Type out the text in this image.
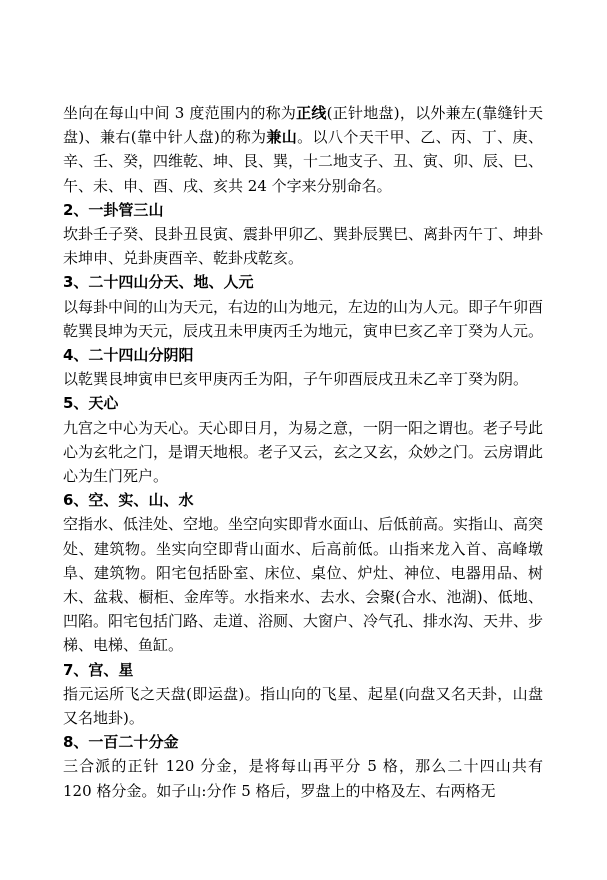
坐向在每山中间 3 度范围内的称为正线(正针地盘)，以外兼左(靠缝针天盘)、兼右(靠中针人盘)的称为兼山。以八个天干甲、乙、丙、丁、庚、辛、壬、癸，四维乾、坤、艮、巽，十二地支子、丑、寅、卯、辰、巳、午、未、申、酉、戌、亥共 24 个字来分别命名。

2、一卦管三山

坎卦壬子癸、艮卦丑艮寅、震卦甲卯乙、巽卦辰巽巳、离卦丙午丁、坤卦未坤申、兑卦庚酉辛、乾卦戌乾亥。

3、二十四山分天、地、人元

以每卦中间的山为天元，右边的山为地元，左边的山为人元。即子午卯酉乾巽艮坤为天元，辰戌丑未甲庚丙壬为地元，寅申巳亥乙辛丁癸为人元。

4、二十四山分阴阳

以乾巽艮坤寅申巳亥甲庚丙壬为阳，子午卯酉辰戌丑未乙辛丁癸为阴。

5、天心

九宫之中心为天心。天心即日月，为易之意，一阴一阳之谓也。老子号此心为玄牝之门，是谓天地根。老子又云，玄之又玄，众妙之门。云房谓此心为生门死户。

6、空、实、山、水

空指水、低洼处、空地。坐空向实即背水面山、后低前高。实指山、高突处、建筑物。坐实向空即背山面水、后高前低。山指来龙入首、高峰墩阜、建筑物。阳宅包括卧室、床位、桌位、炉灶、神位、电器用品、树木、盆栽、橱柜、金库等。水指来水、去水、会聚(合水、池湖)、低地、凹陷。阳宅包括门路、走道、浴厕、大窗户、冷气孔、排水沟、天井、步梯、电梯、鱼缸。

7、宫、星

指元运所飞之天盘(即运盘)。指山向的飞星、起星(向盘又名天卦，山盘又名地卦)。

8、一百二十分金

三合派的正针 120 分金，是将每山再平分 5 格，那么二十四山共有 120 格分金。如子山:分作 5 格后，罗盘上的中格及左、右两格无
